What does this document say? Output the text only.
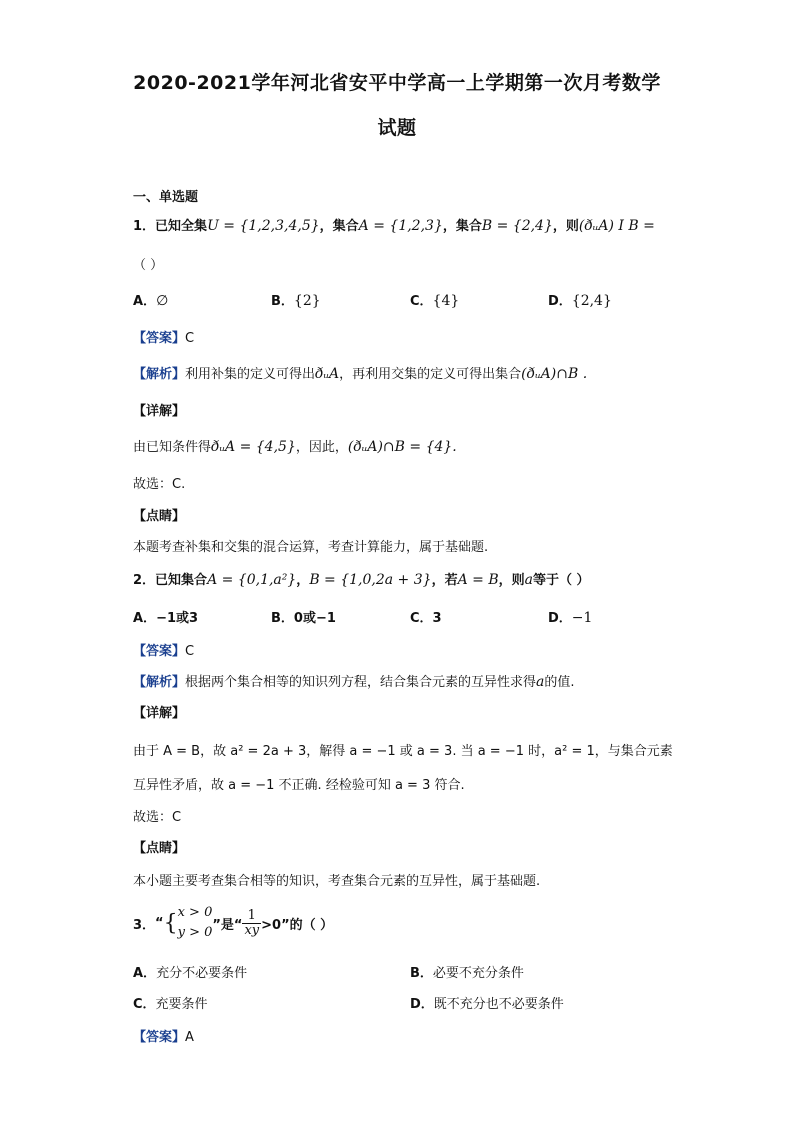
2020-2021学年河北省安平中学高一上学期第一次月考数学
试题
一、单选题
1．已知全集U = {1,2,3,4,5}，集合A = {1,2,3}，集合B = {2,4}，则(ðᵤA) I B =
（ ）
A．∅	B．{2}	C．{4}	D．{2,4}
【答案】C
【解析】利用补集的定义可得出ðᵤA，再利用交集的定义可得出集合(ðᵤA)∩B .
【详解】
由已知条件得ðᵤA = {4,5}，因此，(ðᵤA)∩B = {4}.
故选：C.
【点睛】
本题考查补集和交集的混合运算，考查计算能力，属于基础题.
2．已知集合A = {0,1,a²}，B = {1,0,2a + 3}，若A = B，则a等于（ ）
A．−1或3	B．0或−1	C．3	D．−1
【答案】C
【解析】根据两个集合相等的知识列方程，结合集合元素的互异性求得a的值.
【详解】
由于 A = B，故 a² = 2a + 3，解得 a = −1 或 a = 3. 当 a = −1 时，a² = 1，与集合元素
互异性矛盾，故 a = −1 不正确. 经检验可知 a = 3 符合.
故选：C
【点睛】
本小题主要考查集合相等的知识，考查集合元素的互异性，属于基础题.
3． “ { x > 0
y > 0 ”是“ $\frac{1}{xy} >0$”的（ ）
A．充分不必要条件	B．必要不充分条件
C．充要条件	D．既不充分也不必要条件
【答案】A
